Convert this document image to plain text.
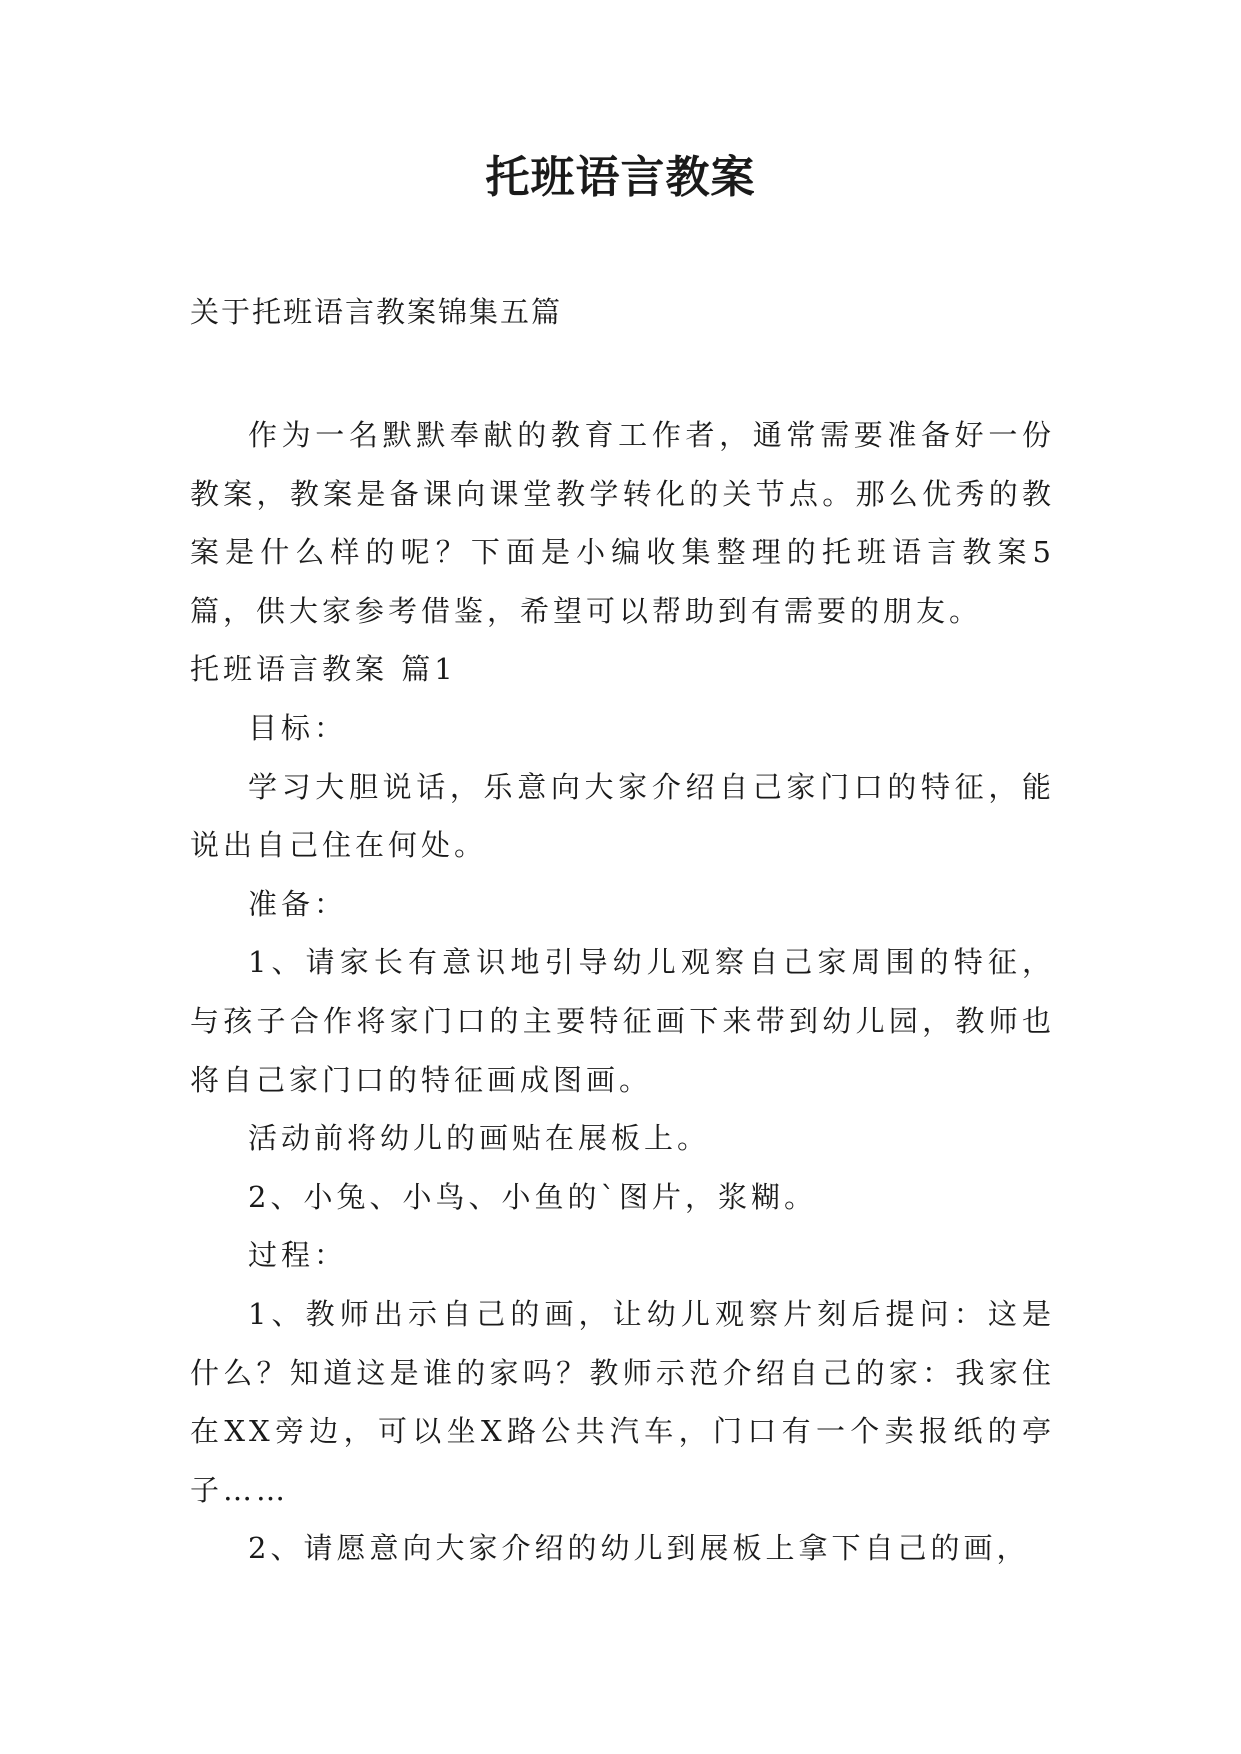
托班语言教案
关于托班语言教案锦集五篇

作为一名默默奉献的教育工作者，通常需要准备好一份教案，教案是备课向课堂教学转化的关节点。那么优秀的教案是什么样的呢？下面是小编收集整理的托班语言教案5篇，供大家参考借鉴，希望可以帮助到有需要的朋友。

托班语言教案 篇1

目标：

学习大胆说话，乐意向大家介绍自己家门口的特征，能说出自己住在何处。

准备：

1、请家长有意识地引导幼儿观察自己家周围的特征，与孩子合作将家门口的主要特征画下来带到幼儿园，教师也将自己家门口的特征画成图画。

活动前将幼儿的画贴在展板上。

2、小兔、小鸟、小鱼的`图片，浆糊。

过程：

1、教师出示自己的画，让幼儿观察片刻后提问：这是什么？知道这是谁的家吗？教师示范介绍自己的家：我家住在XX旁边，可以坐X路公共汽车，门口有一个卖报纸的亭子……

2、请愿意向大家介绍的幼儿到展板上拿下自己的画，
